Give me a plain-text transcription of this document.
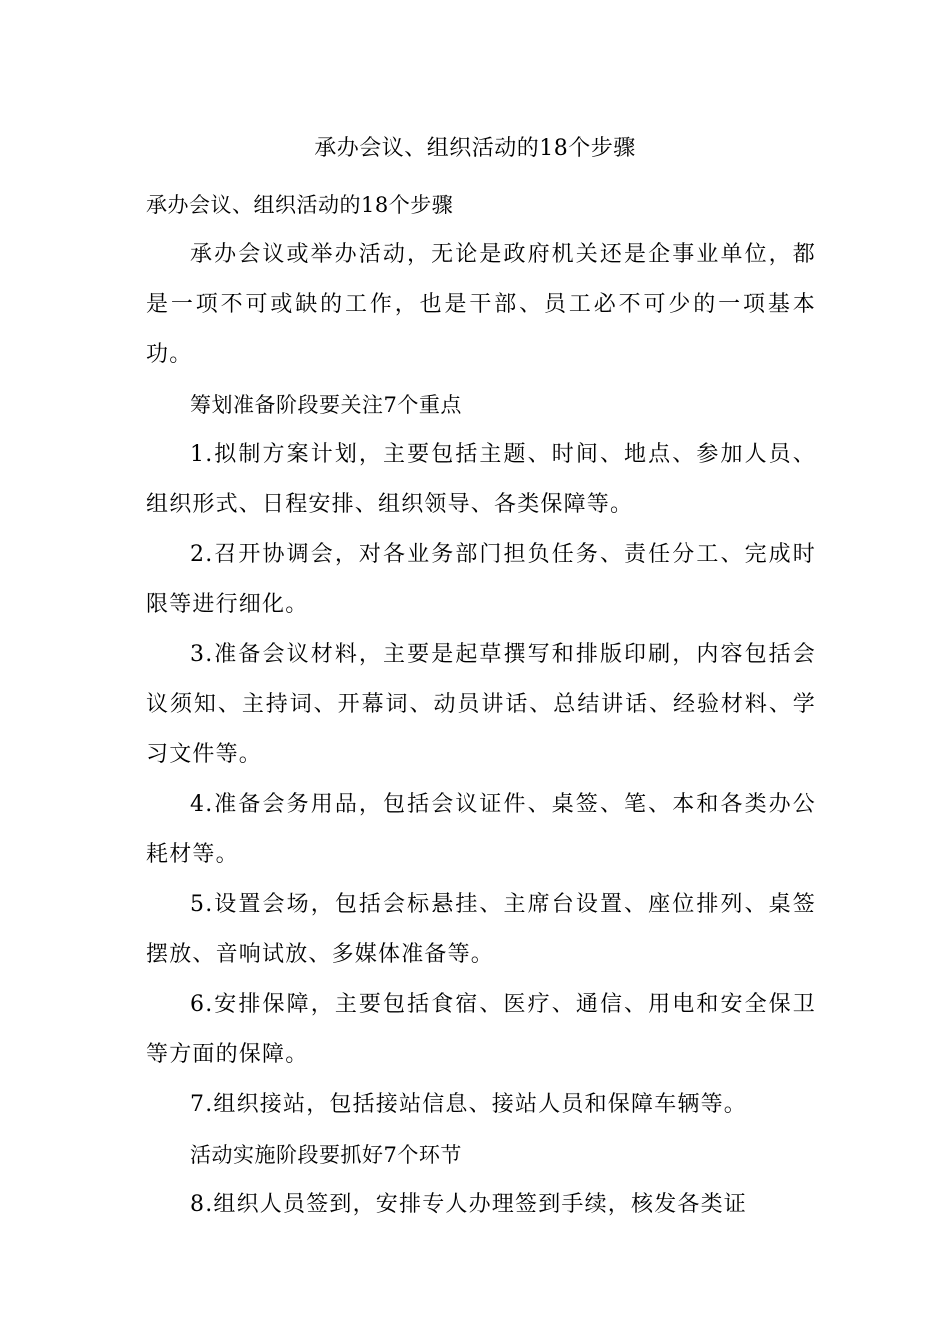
承办会议、组织活动的18个步骤

承办会议、组织活动的18个步骤

承办会议或举办活动，无论是政府机关还是企事业单位，都是一项不可或缺的工作，也是干部、员工必不可少的一项基本功。

筹划准备阶段要关注7个重点

1.拟制方案计划，主要包括主题、时间、地点、参加人员、组织形式、日程安排、组织领导、各类保障等。

2.召开协调会，对各业务部门担负任务、责任分工、完成时限等进行细化。

3.准备会议材料，主要是起草撰写和排版印刷，内容包括会议须知、主持词、开幕词、动员讲话、总结讲话、经验材料、学习文件等。

4.准备会务用品，包括会议证件、桌签、笔、本和各类办公耗材等。

5.设置会场，包括会标悬挂、主席台设置、座位排列、桌签摆放、音响试放、多媒体准备等。

6.安排保障，主要包括食宿、医疗、通信、用电和安全保卫等方面的保障。

7.组织接站，包括接站信息、接站人员和保障车辆等。

活动实施阶段要抓好7个环节

8.组织人员签到，安排专人办理签到手续，核发各类证
